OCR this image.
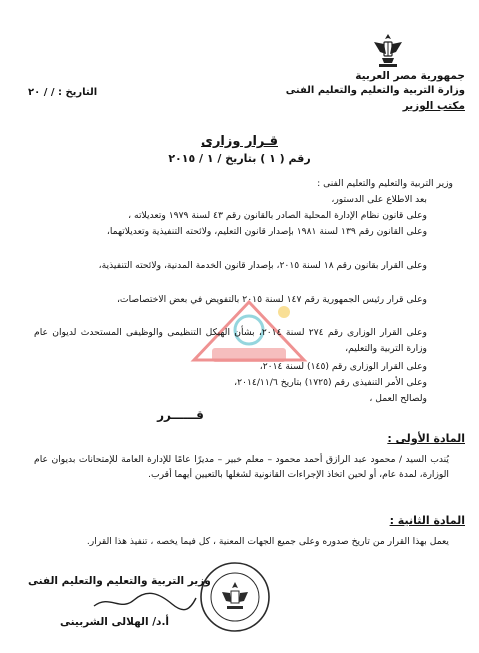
جمهورية مصر العربية
وزارة التربية والتعليم والتعليم الفنى
مكتب الوزير
التاريخ : / / ٢٠
قـرار وزارى
رقم ( ١ ) بتاريخ / ١ / ٢٠١٥
وزير التربية والتعليم والتعليم الفنى :
بعد الاطلاع على الدستور،
وعلى قانون نظام الإدارة المحلية الصادر بالقانون رقم ٤٣ لسنة ١٩٧٩ وتعديلاته ،
وعلى القانون رقم ١٣٩ لسنة ١٩٨١ بإصدار قانون التعليم، ولائحته التنفيذية وتعديلاتهما،
وعلى القرار بقانون رقم ١٨ لسنة ٢٠١٥، بإصدار قانون الخدمة المدنية، ولائحته التنفيذية،
وعلى قرار رئيس الجمهورية رقم ١٤٧ لسنة ٢٠١٥ بالتفويض في بعض الاختصاصات،
وعلى القرار الوزارى رقم ٢٧٤ لسنة ٢٠١٤، بشأن الهيكل التنظيمى والوظيفى المستحدث لديوان عام وزارة التربية والتعليم،
وعلى القرار الوزارى رقم (١٤٥) لسنة ٢٠١٤،
وعلى الأمر التنفيذى رقم (١٧٢٥) بتاريخ ٢٠١٤/١١/٦،
ولصالح العمل ،
قــــــرر
المادة الأولى :
يُندب السيد / محمود عبد الرازق أحمد محمود – معلم خبير – مديرًا عامًا للإدارة العامة للإمتحانات بديوان عام الوزارة، لمدة عام، أو لحين اتخاذ الإجراءات القانونية لشغلها بالتعيين أيهما أقرب.
المادة الثانية :
يعمل بهذا القرار من تاريخ صدوره وعلى جميع الجهات المعنية ، كل فيما يخصه ، تنفيذ هذا القرار.
وزير التربية والتعليم والتعليم الفنى
أ.د/ الهلالى الشربينى
